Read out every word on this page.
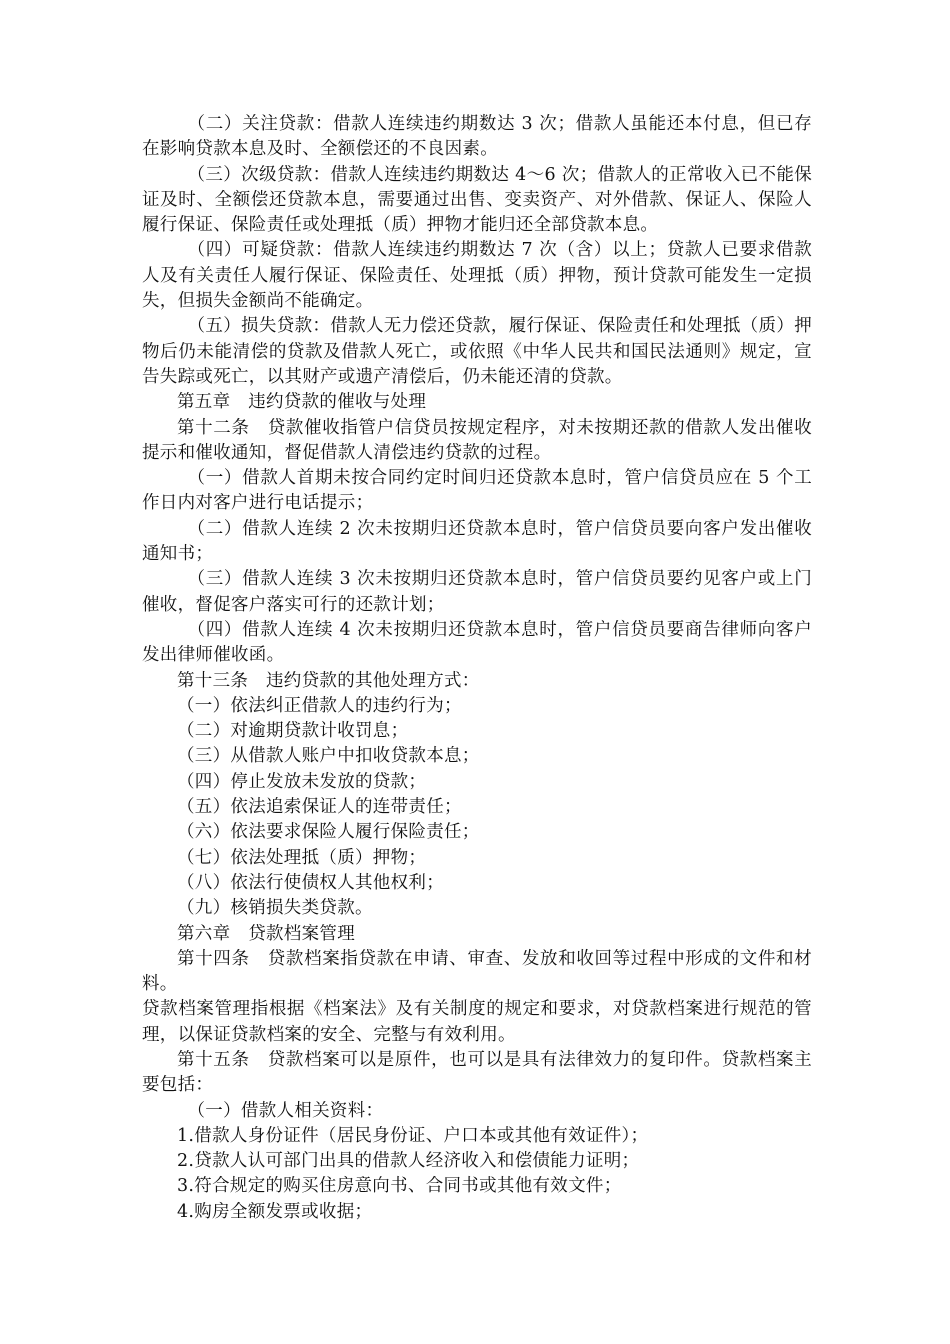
（二）关注贷款：借款人连续违约期数达 3 次；借款人虽能还本付息，但已存在影响贷款本息及时、全额偿还的不良因素。

（三）次级贷款：借款人连续违约期数达 4～6 次；借款人的正常收入已不能保证及时、全额偿还贷款本息，需要通过出售、变卖资产、对外借款、保证人、保险人履行保证、保险责任或处理抵（质）押物才能归还全部贷款本息。

（四）可疑贷款：借款人连续违约期数达 7 次（含）以上；贷款人已要求借款人及有关责任人履行保证、保险责任、处理抵（质）押物，预计贷款可能发生一定损失，但损失金额尚不能确定。

（五）损失贷款：借款人无力偿还贷款，履行保证、保险责任和处理抵（质）押物后仍未能清偿的贷款及借款人死亡，或依照《中华人民共和国民法通则》规定，宣告失踪或死亡，以其财产或遗产清偿后，仍未能还清的贷款。

第五章　违约贷款的催收与处理

第十二条　贷款催收指管户信贷员按规定程序，对未按期还款的借款人发出催收提示和催收通知，督促借款人清偿违约贷款的过程。

（一）借款人首期未按合同约定时间归还贷款本息时，管户信贷员应在 5 个工作日内对客户进行电话提示；

（二）借款人连续 2 次未按期归还贷款本息时，管户信贷员要向客户发出催收通知书；

（三）借款人连续 3 次未按期归还贷款本息时，管户信贷员要约见客户或上门催收，督促客户落实可行的还款计划；

（四）借款人连续 4 次未按期归还贷款本息时，管户信贷员要商告律师向客户发出律师催收函。

第十三条　违约贷款的其他处理方式：

（一）依法纠正借款人的违约行为；

（二）对逾期贷款计收罚息；

（三）从借款人账户中扣收贷款本息；

（四）停止发放未发放的贷款；

（五）依法追索保证人的连带责任；

（六）依法要求保险人履行保险责任；

（七）依法处理抵（质）押物；

（八）依法行使债权人其他权利；

（九）核销损失类贷款。

第六章　贷款档案管理

第十四条　贷款档案指贷款在申请、审查、发放和收回等过程中形成的文件和材料。

贷款档案管理指根据《档案法》及有关制度的规定和要求，对贷款档案进行规范的管理，以保证贷款档案的安全、完整与有效利用。

第十五条　贷款档案可以是原件，也可以是具有法律效力的复印件。贷款档案主要包括：

（一）借款人相关资料：

1.借款人身份证件（居民身份证、户口本或其他有效证件）；

2.贷款人认可部门出具的借款人经济收入和偿债能力证明；

3.符合规定的购买住房意向书、合同书或其他有效文件；

4.购房全额发票或收据；
